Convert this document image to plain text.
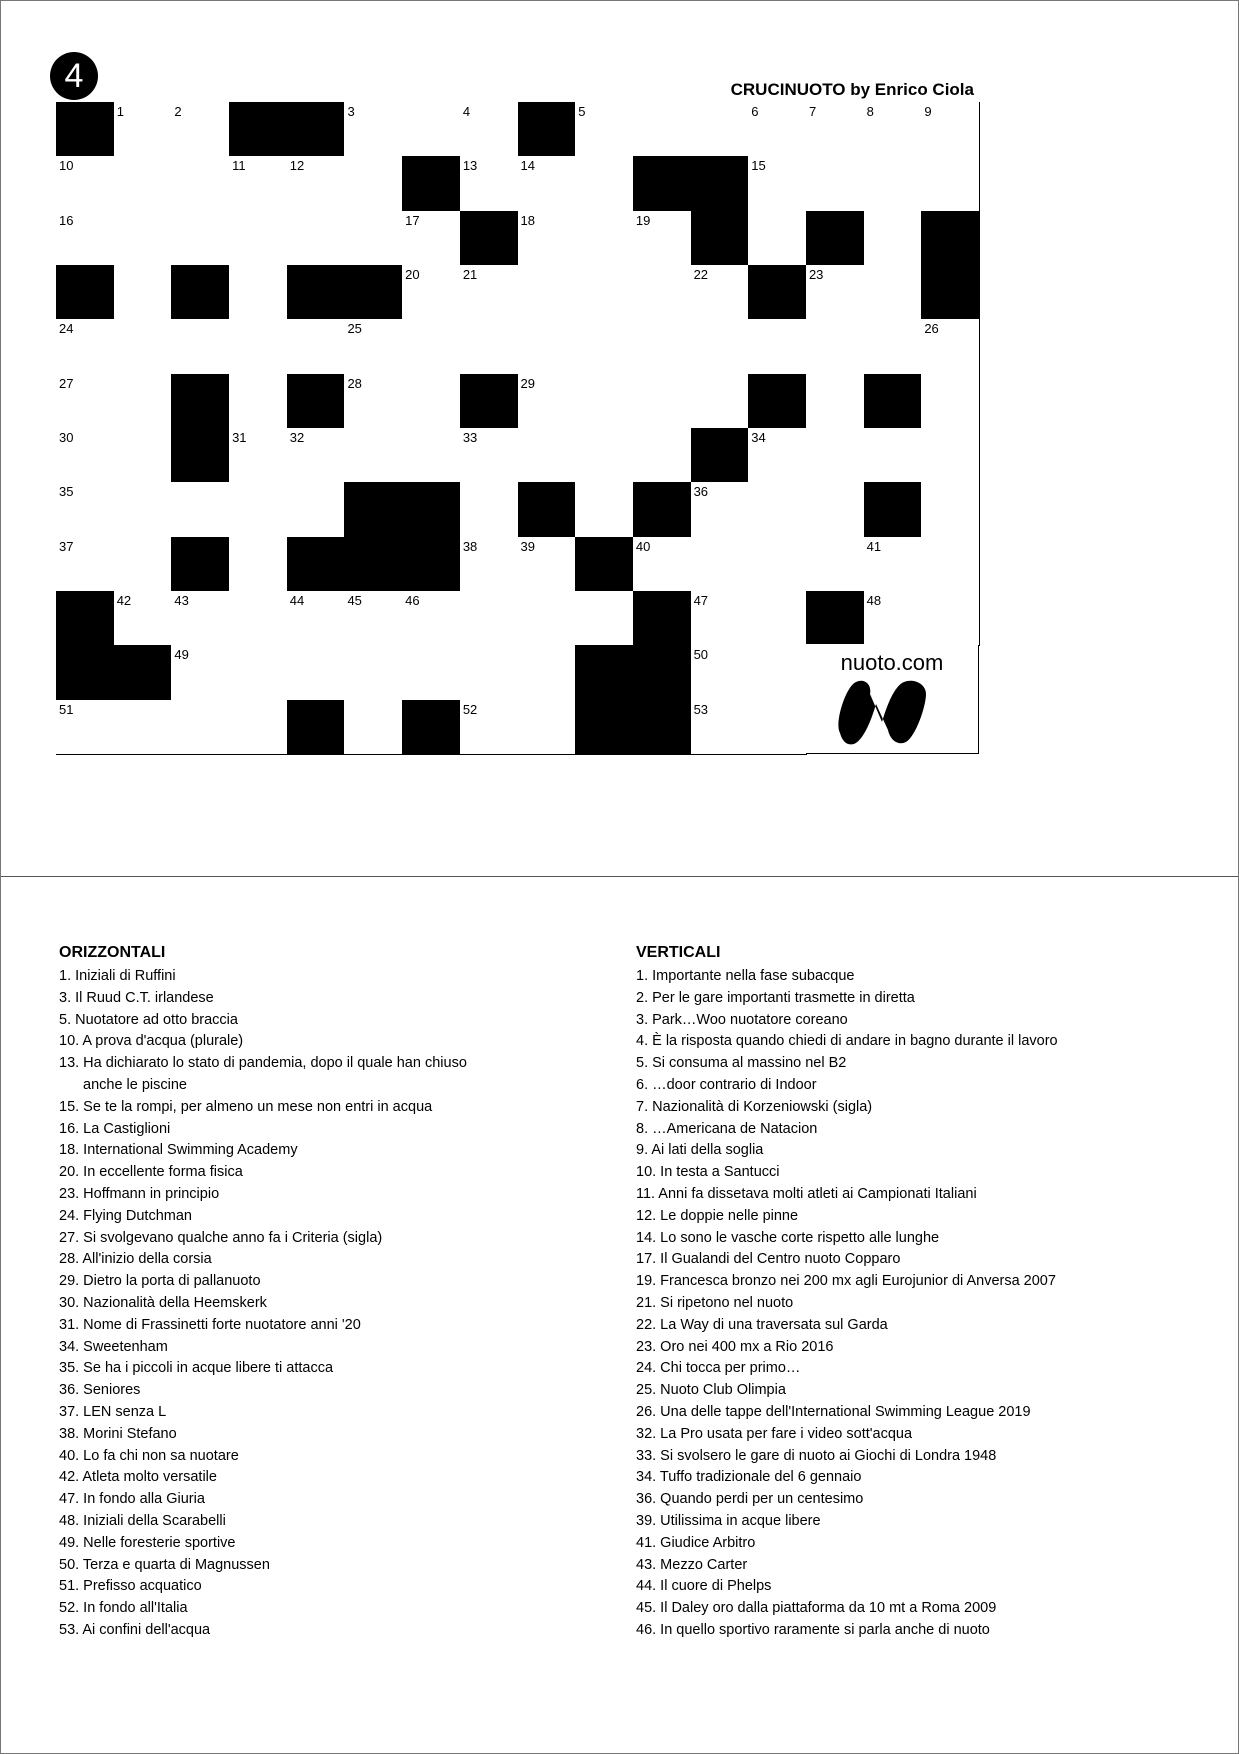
4	CRUCINUOTO by Enrico Ciola
1	2	3	4	5	6	7	8	9
10	11	12	13	14	15
16	17	18	19
20	21	22	23
24	25	26
27	28	29
30	31	32	33	34
35	36
37	38	39	40	41
42	43	44	45	46	47	48
49	50
51	52	53
nuoto.com
ORIZZONTALI
1. Iniziali di Ruffini
3. Il Ruud C.T. irlandese
5. Nuotatore ad otto braccia
10. A prova d'acqua (plurale)
13. Ha dichiarato lo stato di pandemia, dopo il quale han chiuso
anche le piscine
15. Se te la rompi, per almeno un mese non entri in acqua
16. La Castiglioni
18. International Swimming Academy
20. In eccellente forma fisica
23. Hoffmann in principio
24. Flying Dutchman
27. Si svolgevano qualche anno fa i Criteria (sigla)
28. All'inizio della corsia
29. Dietro la porta di pallanuoto
30. Nazionalità della Heemskerk
31. Nome di Frassinetti forte nuotatore anni '20
34. Sweetenham
35. Se ha i piccoli in acque libere ti attacca
36. Seniores
37. LEN senza L
38. Morini Stefano
40. Lo fa chi non sa nuotare
42. Atleta molto versatile
47. In fondo alla Giuria
48. Iniziali della Scarabelli
49. Nelle foresterie sportive
50. Terza e quarta di Magnussen
51. Prefisso acquatico
52. In fondo all'Italia
53. Ai confini dell'acqua
VERTICALI
1. Importante nella fase subacque
2. Per le gare importanti trasmette in diretta
3. Park…Woo nuotatore coreano
4. È la risposta quando chiedi di andare in bagno durante il lavoro
5. Si consuma al massino nel B2
6. …door contrario di Indoor
7. Nazionalità di Korzeniowski (sigla)
8. …Americana de Natacion
9. Ai lati della soglia
10. In testa a Santucci
11. Anni fa dissetava molti atleti ai Campionati Italiani
12. Le doppie nelle pinne
14. Lo sono le vasche corte rispetto alle lunghe
17. Il Gualandi del Centro nuoto Copparo
19. Francesca bronzo nei 200 mx agli Eurojunior di Anversa 2007
21. Si ripetono nel nuoto
22. La Way di una traversata sul Garda
23. Oro nei 400 mx a Rio 2016
24. Chi tocca per primo…
25. Nuoto Club Olimpia
26. Una delle tappe dell'International Swimming League 2019
32. La Pro usata per fare i video sott'acqua
33. Si svolsero le gare di nuoto ai Giochi di Londra 1948
34. Tuffo tradizionale del 6 gennaio
36. Quando perdi per un centesimo
39. Utilissima in acque libere
41. Giudice Arbitro
43. Mezzo Carter
44. Il cuore di Phelps
45. Il Daley oro dalla piattaforma da 10 mt a Roma 2009
46. In quello sportivo raramente si parla anche di nuoto
